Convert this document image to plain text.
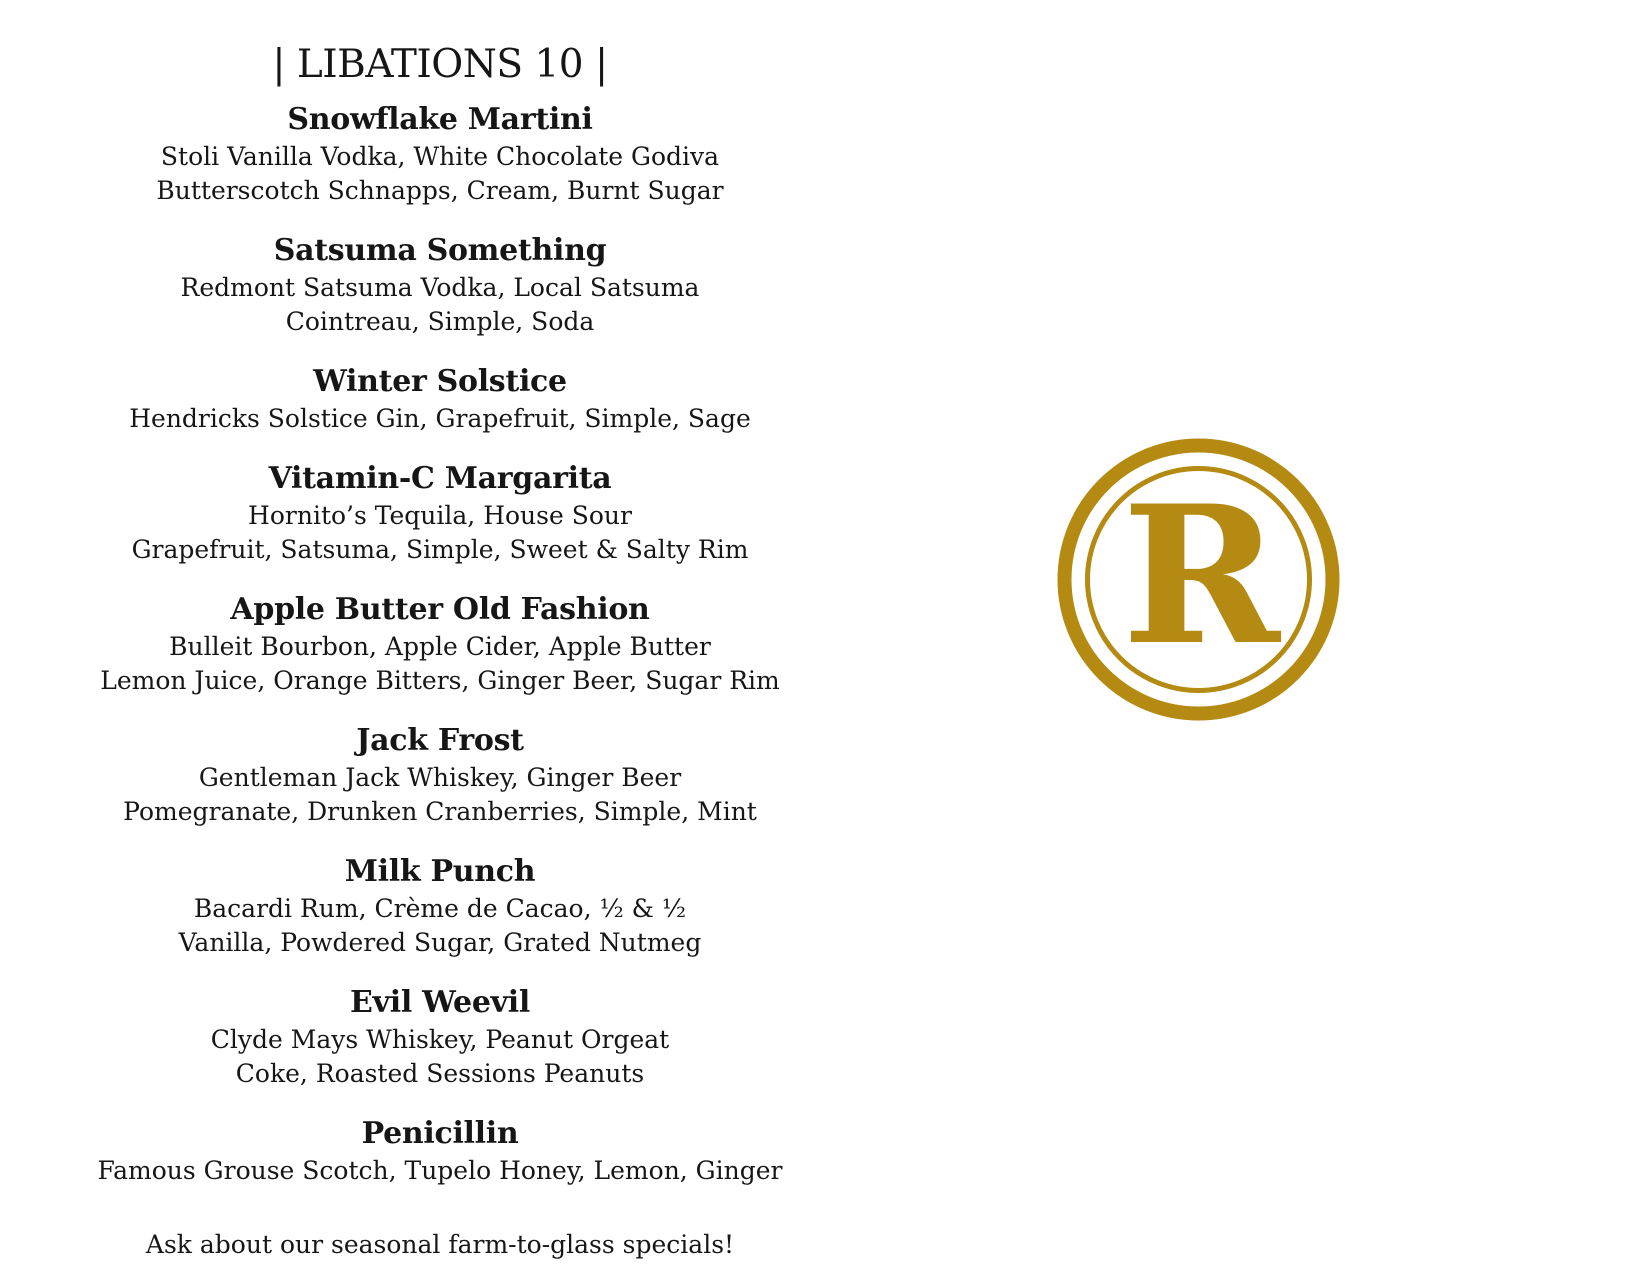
| LIBATIONS 10 |
Snowflake Martini
Stoli Vanilla Vodka, White Chocolate Godiva
Butterscotch Schnapps, Cream, Burnt Sugar
Satsuma Something
Redmont Satsuma Vodka, Local Satsuma
Cointreau, Simple, Soda
Winter Solstice
Hendricks Solstice Gin, Grapefruit, Simple, Sage
Vitamin-C Margarita
Hornito’s Tequila, House Sour
Grapefruit, Satsuma, Simple, Sweet & Salty Rim
Apple Butter Old Fashion
Bulleit Bourbon, Apple Cider, Apple Butter
Lemon Juice, Orange Bitters, Ginger Beer, Sugar Rim
Jack Frost
Gentleman Jack Whiskey, Ginger Beer
Pomegranate, Drunken Cranberries, Simple, Mint
Milk Punch
Bacardi Rum, Crème de Cacao, ½ & ½
Vanilla, Powdered Sugar, Grated Nutmeg
Evil Weevil
Clyde Mays Whiskey, Peanut Orgeat
Coke, Roasted Sessions Peanuts
Penicillin
Famous Grouse Scotch, Tupelo Honey, Lemon, Ginger
Ask about our seasonal farm-to-glass specials!
R
